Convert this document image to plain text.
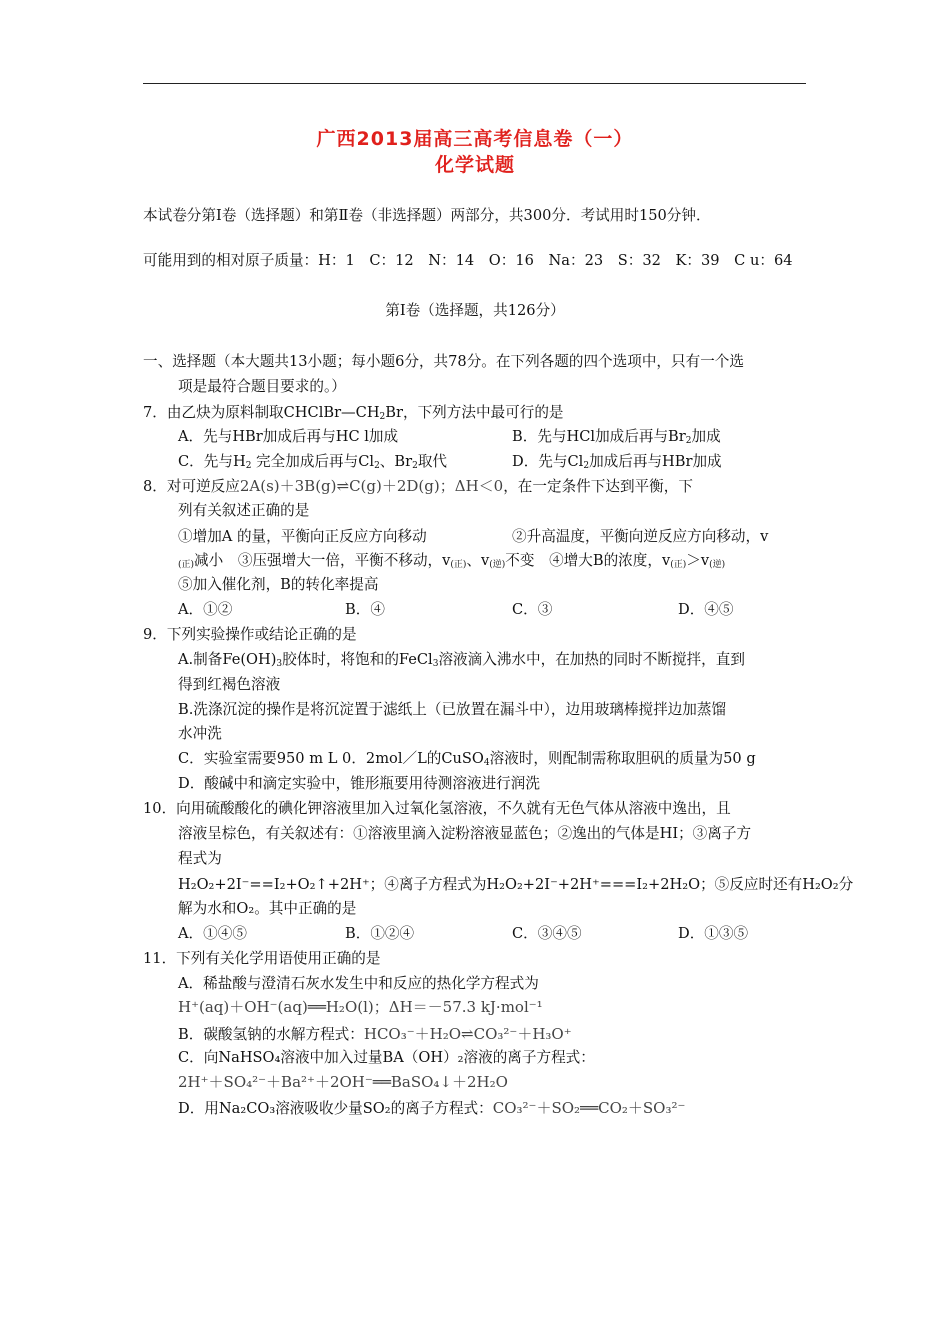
广西2013届高三高考信息卷（一）
化学试题
本试卷分第Ⅰ卷（选择题）和第Ⅱ卷（非选择题）两部分，共300分．考试用时150分钟．
可能用到的相对原子质量：H：1　C：12　N：14　O：16　Na：23　S：32　K：39　C u：64
第Ⅰ卷（选择题，共126分）
一、选择题（本大题共13小题；每小题6分，共78分。在下列各题的四个选项中，只有一个选
项是最符合题目要求的。）
7．由乙炔为原料制取$CHClBr—CH_2Br$，下列方法中最可行的是
A．先与HBr加成后再与HC l加成	B．先与HCl加成后再与$Br_2$加成
C．先与$H_2$ 完全加成后再与$Cl_2$、$Br_2$取代	D．先与$Cl_2$加成后再与HBr加成
8．对可逆反应2A(s)＋3B(g)⇌C(g)＋2D(g)；ΔH＜0，在一定条件下达到平衡，下
列有关叙述正确的是
①增加A 的量，平衡向正反应方向移动	②升高温度，平衡向逆反应方向移动，v
$_{(正)}$减小　③压强增大一倍，平衡不移动，$v_{(正)}$、$v_{(逆)}$不变　④增大B的浓度，$v_{(正)}>v_{(逆)}$
⑤加入催化剂，B的转化率提高
A．①②	B．④	C．③	D．④⑤
9．下列实验操作或结论正确的是
A.制备$Fe(OH)_3$胶体时，将饱和的FeCl$_3$溶液滴入沸水中，在加热的同时不断搅拌，直到
得到红褐色溶液
B.洗涤沉淀的操作是将沉淀置于滤纸上（已放置在漏斗中），边用玻璃棒搅拌边加蒸馏
水冲洗
C．实验室需要950 m L 0．2mol／L的CuSO$_4$溶液时，则配制需称取胆矾的质量为50 g
D．酸碱中和滴定实验中，锥形瓶要用待测溶液进行润洗
10．向用硫酸酸化的碘化钾溶液里加入过氧化氢溶液，不久就有无色气体从溶液中逸出，且
溶液呈棕色，有关叙述有：①溶液里滴入淀粉溶液显蓝色；②逸出的气体是HI；③离子方
程式为
H₂O₂+2I⁻==I₂+O₂↑+2H⁺；④离子方程式为H₂O₂+2I⁻+2H⁺===I₂+2H₂O；⑤反应时还有H₂O₂分
解为水和O₂。其中正确的是
A．①④⑤	B．①②④	C．③④⑤	D．①③⑤
11．下列有关化学用语使用正确的是
A．稀盐酸与澄清石灰水发生中和反应的热化学方程式为
H⁺(aq)＋OH⁻(aq)══H₂O(l)；ΔH＝－57.3 kJ·mol⁻¹
B．碳酸氢钠的水解方程式：HCO₃⁻＋H₂O⇌CO₃²⁻＋H₃O⁺
C．向NaHSO₄溶液中加入过量BA（OH）₂溶液的离子方程式：
2H⁺＋SO₄²⁻＋Ba²⁺＋2OH⁻══BaSO₄↓＋2H₂O
D．用Na₂CO₃溶液吸收少量SO₂的离子方程式：CO₃²⁻＋SO₂══CO₂＋SO₃²⁻
